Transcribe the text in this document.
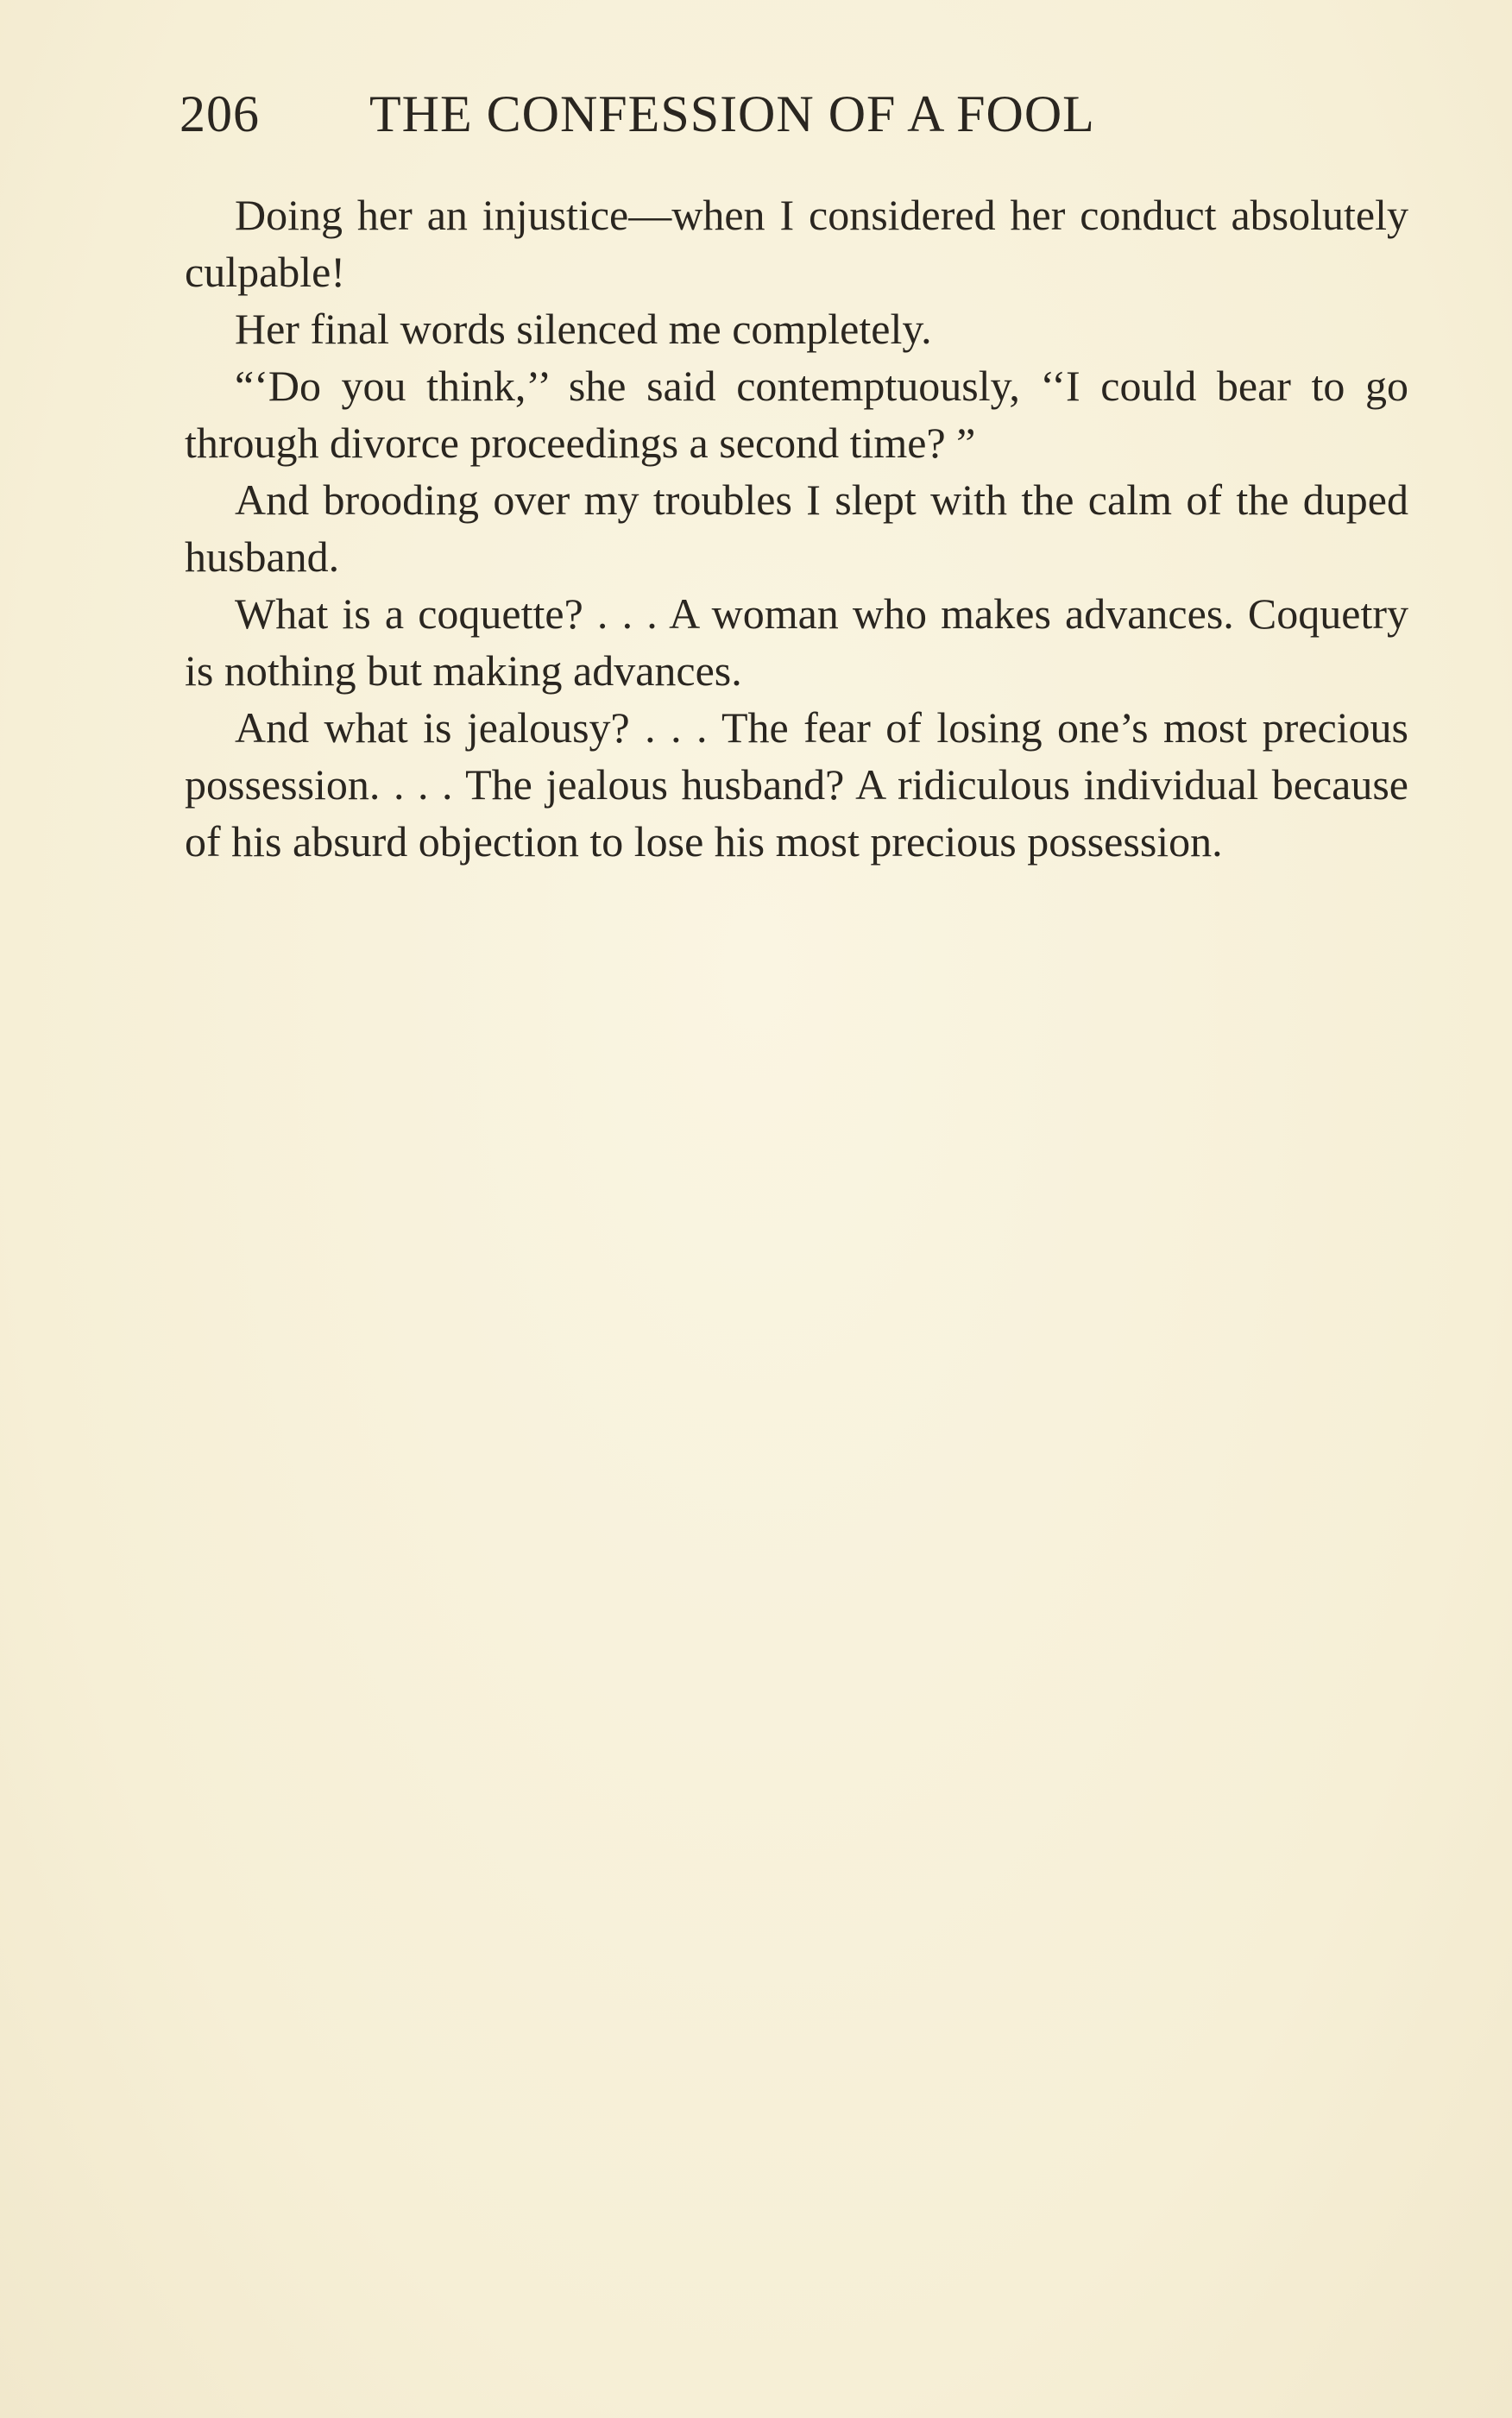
206 THE CONFESSION OF A FOOL

Doing her an injustice—when I considered her conduct absolutely culpable!

Her final words silenced me completely.

“‘Do you think,’’ she said contemptuously, ‘‘I could bear to go through divorce proceedings a second time? ”

And brooding over my troubles I slept with the calm of the duped husband.

What is a coquette? . . . A woman who makes advances. Coquetry is nothing but making advances.

And what is jealousy? . . . The fear of losing one’s most precious possession. . . . The jealous husband? A ridiculous individual because of his absurd objection to lose his most precious possession.
